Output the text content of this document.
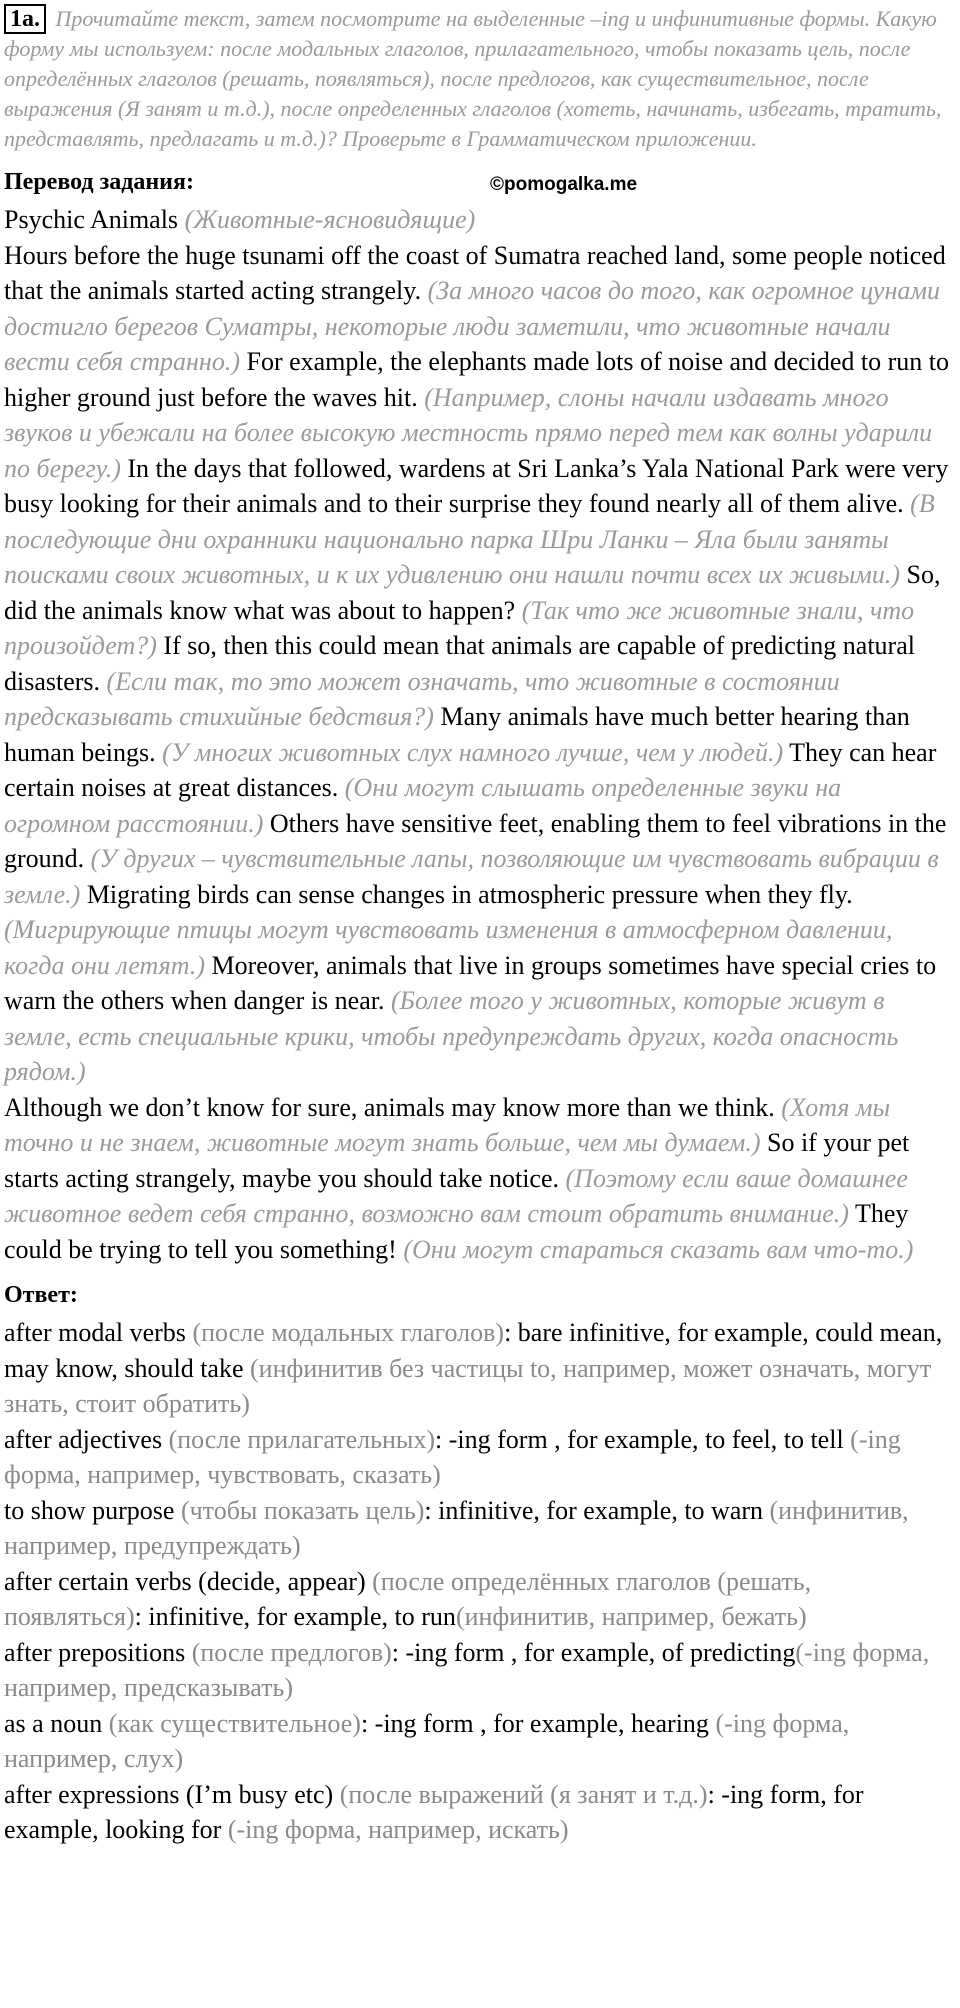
1a. Прочитайте текст, затем посмотрите на выделенные –ing и инфинитивные формы. Какую форму мы используем: после модальных глаголов, прилагательного, чтобы показать цель, после определённых глаголов (решать, появляться), после предлогов, как существительное, после выражения (Я занят и т.д.), после определенных глаголов (хотеть, начинать, избегать, тратить, представлять, предлагать и т.д.)? Проверьте в Грамматическом приложении.

©pomogalka.me
Перевод задания:

Psychic Animals (Животные-ясновидящие)

Hours before the huge tsunami off the coast of Sumatra reached land, some people noticed that the animals started acting strangely. (За много часов до того, как огромное цунами достигло берегов Суматры, некоторые люди заметили, что животные начали вести себя странно.) For example, the elephants made lots of noise and decided to run to higher ground just before the waves hit. (Например, слоны начали издавать много звуков и убежали на более высокую местность прямо перед тем как волны ударили по берегу.) In the days that followed, wardens at Sri Lanka’s Yala National Park were very busy looking for their animals and to their surprise they found nearly all of them alive. (В последующие дни охранники национально парка Шри Ланки – Яла были заняты поисками своих животных, и к их удивлению они нашли почти всех их живыми.) So, did the animals know what was about to happen? (Так что же животные знали, что произойдет?) If so, then this could mean that animals are capable of predicting natural disasters. (Если так, то это может означать, что животные в состоянии предсказывать стихийные бедствия?) Many animals have much better hearing than human beings. (У многих животных слух намного лучше, чем у людей.) They can hear certain noises at great distances. (Они могут слышать определенные звуки на огромном расстоянии.) Others have sensitive feet, enabling them to feel vibrations in the ground. (У других – чувствительные лапы, позволяющие им чувствовать вибрации в земле.) Migrating birds can sense changes in atmospheric pressure when they fly. (Мигрирующие птицы могут чувствовать изменения в атмосферном давлении, когда они летят.) Moreover, animals that live in groups sometimes have special cries to warn the others when danger is near. (Более того у животных, которые живут в земле, есть специальные крики, чтобы предупреждать других, когда опасность рядом.)

Although we don’t know for sure, animals may know more than we think. (Хотя мы точно и не знаем, животные могут знать больше, чем мы думаем.) So if your pet starts acting strangely, maybe you should take notice. (Поэтому если ваше домашнее животное ведет себя странно, возможно вам стоит обратить внимание.) They could be trying to tell you something! (Они могут стараться сказать вам что-то.)

Ответ:

after modal verbs (после модальных глаголов): bare infinitive, for example, could mean, may know, should take (инфинитив без частицы to, например, может означать, могут знать, стоит обратить)

after adjectives (после прилагательных): -ing form , for example, to feel, to tell (-ing форма, например, чувствовать, сказать)

to show purpose (чтобы показать цель): infinitive, for example, to warn (инфинитив, например, предупреждать)

after certain verbs (decide, appear) (после определённых глаголов (решать, появляться): infinitive, for example, to run(инфинитив, например, бежать)

after prepositions (после предлогов): -ing form , for example, of predicting(-ing форма, например, предсказывать)

as a noun (как существительное): -ing form , for example, hearing (-ing форма, например, слух)

after expressions (I’m busy etc) (после выражений (я занят и т.д.): -ing form, for example, looking for (-ing форма, например, искать)
